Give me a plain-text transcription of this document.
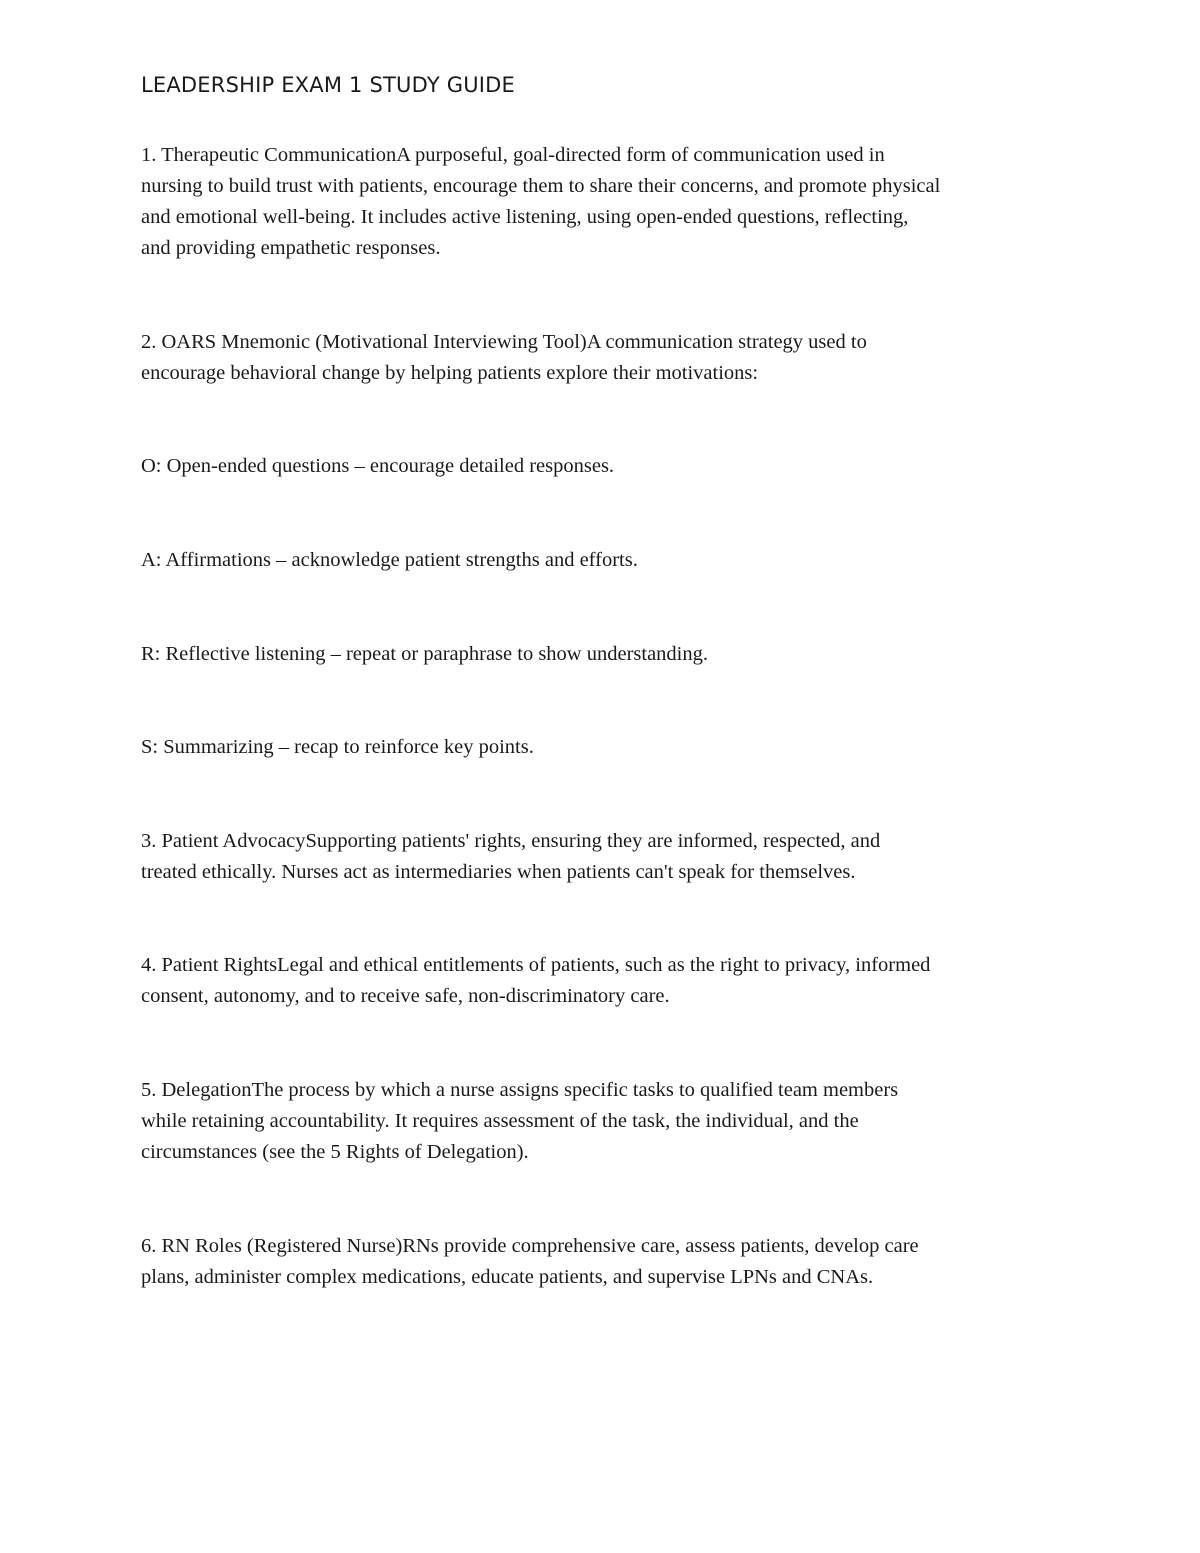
LEADERSHIP EXAM 1 STUDY GUIDE

1. Therapeutic CommunicationA purposeful, goal-directed form of communication used in
nursing to build trust with patients, encourage them to share their concerns, and promote physical
and emotional well-being. It includes active listening, using open-ended questions, reflecting,
and providing empathetic responses.

2. OARS Mnemonic (Motivational Interviewing Tool)A communication strategy used to
encourage behavioral change by helping patients explore their motivations:

O: Open-ended questions – encourage detailed responses.

A: Affirmations – acknowledge patient strengths and efforts.

R: Reflective listening – repeat or paraphrase to show understanding.

S: Summarizing – recap to reinforce key points.

3. Patient AdvocacySupporting patients' rights, ensuring they are informed, respected, and
treated ethically. Nurses act as intermediaries when patients can't speak for themselves.

4. Patient RightsLegal and ethical entitlements of patients, such as the right to privacy, informed
consent, autonomy, and to receive safe, non-discriminatory care.

5. DelegationThe process by which a nurse assigns specific tasks to qualified team members
while retaining accountability. It requires assessment of the task, the individual, and the
circumstances (see the 5 Rights of Delegation).

6. RN Roles (Registered Nurse)RNs provide comprehensive care, assess patients, develop care
plans, administer complex medications, educate patients, and supervise LPNs and CNAs.
